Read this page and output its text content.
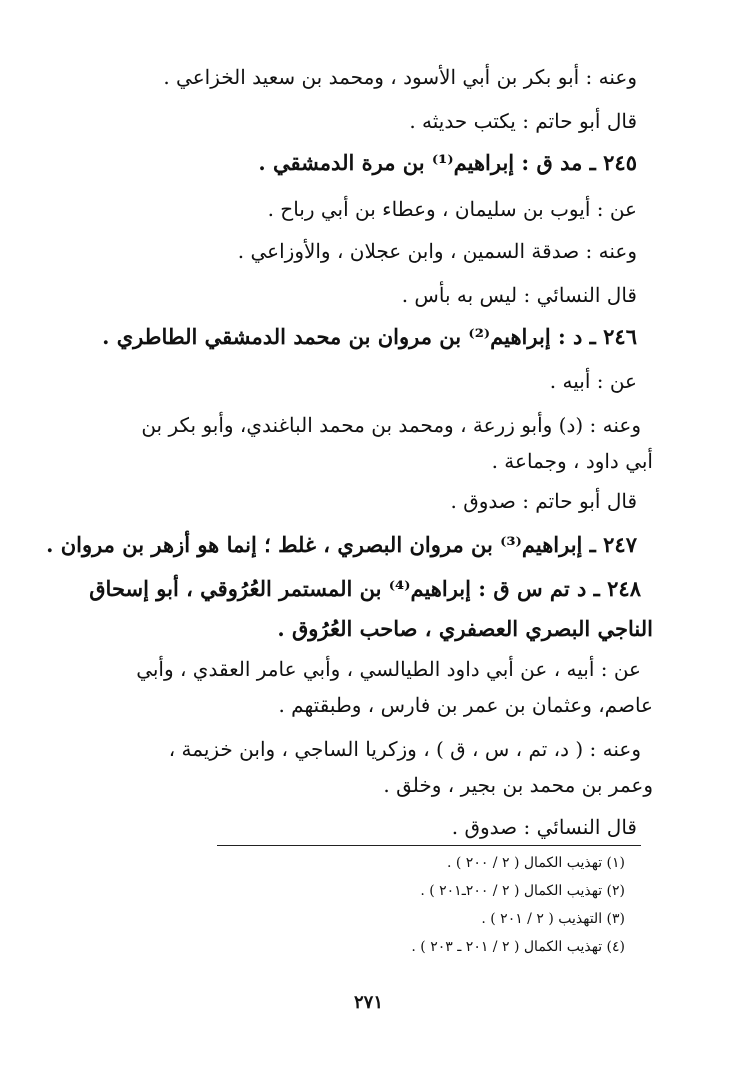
وعنه : أبو بكر بن أبي الأسود ، ومحمد بن سعيد الخزاعي .
قال أبو حاتم : يكتب حديثه .
٢٤٥ ـ مد ق : إبراهيم⁽¹⁾ بن مرة الدمشقي .
عن : أيوب بن سليمان ، وعطاء بن أبي رباح .
وعنه : صدقة السمين ، وابن عجلان ، والأوزاعي .
قال النسائي : ليس به بأس .
٢٤٦ ـ د : إبراهيم⁽²⁾ بن مروان بن محمد الدمشقي الطاطري .
عن : أبيه .
وعنه : (د) وأبو زرعة ، ومحمد بن محمد الباغندي، وأبو بكر بن
أبي داود ، وجماعة .
قال أبو حاتم : صدوق .
٢٤٧ ـ إبراهيم⁽³⁾ بن مروان البصري ، غلط ؛ إنما هو أزهر بن مروان .
٢٤٨ ـ د تم س ق : إبراهيم⁽⁴⁾ بن المستمر العُرُوقي ، أبو إسحاق
الناجي البصري العصفري ، صاحب العُرُوق .
عن : أبيه ، عن أبي داود الطيالسي ، وأبي عامر العقدي ، وأبي
عاصم، وعثمان بن عمر بن فارس ، وطبقتهم .
وعنه : ( د، تم ، س ، ق ) ، وزكريا الساجي ، وابن خزيمة ،
وعمر بن محمد بن بجير ، وخلق .
قال النسائي : صدوق .
(١) تهذيب الكمال ( ٢ / ٢٠٠ ) .
(٢) تهذيب الكمال ( ٢ / ٢٠٠ـ٢٠١ ) .
(٣) التهذيب ( ٢ / ٢٠١ ) .
(٤) تهذيب الكمال ( ٢ / ٢٠١ ـ ٢٠٣ ) .
٢٧١
